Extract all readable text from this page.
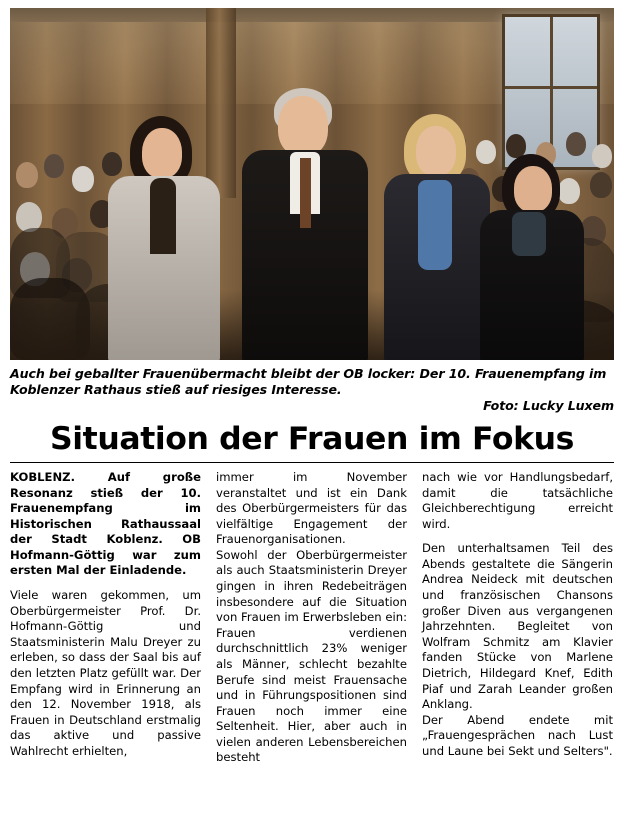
Auch bei geballter Frauenübermacht bleibt der OB locker: Der 10. Frauenempfang im Koblenzer Rathaus stieß auf riesiges Interesse.
Foto: Lucky Luxem
Situation der Frauen im Fokus

KOBLENZ. Auf große Resonanz stieß der 10. Frauenempfang im Historischen Rathaussaal der Stadt Koblenz. OB Hofmann-Göttig war zum ersten Mal der Einladende.

Viele waren gekommen, um Oberbürgermeister Prof. Dr. Hofmann-Göttig und Staatsministerin Malu Dreyer zu erleben, so dass der Saal bis auf den letzten Platz gefüllt war. Der Empfang wird in Erinnerung an den 12. November 1918, als Frauen in Deutschland erstmalig das aktive und passive Wahlrecht erhielten,

immer im November veranstaltet und ist ein Dank des Oberbürgermeisters für das vielfältige Engagement der Frauenorganisationen.

Sowohl der Oberbürgermeister als auch Staatsministerin Dreyer gingen in ihren Redebeiträgen insbesondere auf die Situation von Frauen im Erwerbsleben ein: Frauen verdienen durchschnittlich 23% weniger als Männer, schlecht bezahlte Berufe sind meist Frauensache und in Führungspositionen sind Frauen noch immer eine Seltenheit. Hier, aber auch in vielen anderen Lebensbereichen besteht

nach wie vor Handlungsbedarf, damit die tatsächliche Gleichberechtigung erreicht wird.

Den unterhaltsamen Teil des Abends gestaltete die Sängerin Andrea Neideck mit deutschen und französischen Chansons großer Diven aus vergangenen Jahrzehnten. Begleitet von Wolfram Schmitz am Klavier fanden Stücke von Marlene Dietrich, Hildegard Knef, Edith Piaf und Zarah Leander großen Anklang.

Der Abend endete mit „Frauengesprächen nach Lust und Laune bei Sekt und Selters".
